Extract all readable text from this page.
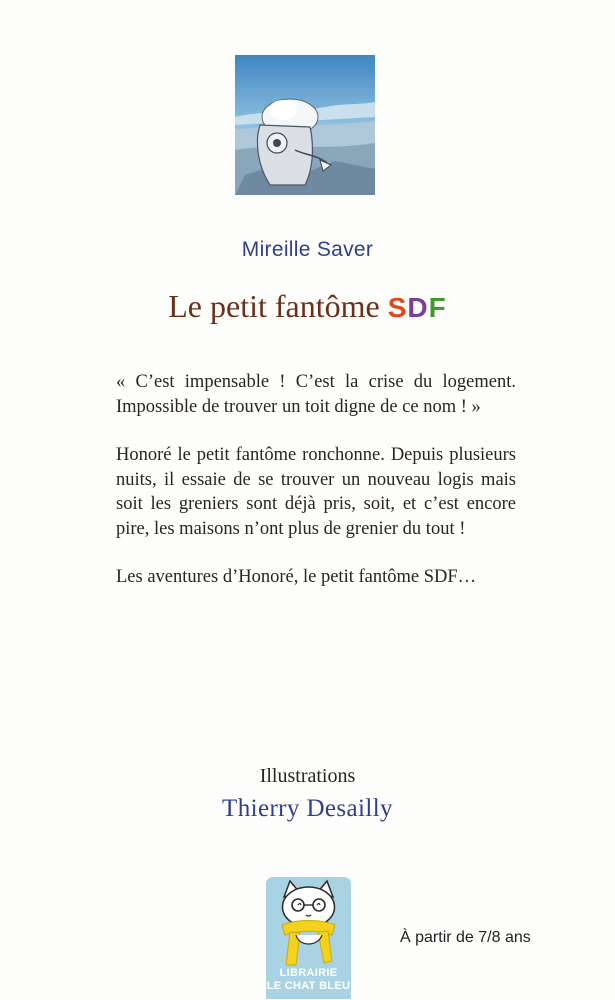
Mireille Saver
Le petit fantôme SDF

« C’est impensable ! C’est la crise du logement. Impossible de trouver un toit digne de ce nom ! »

Honoré le petit fantôme ronchonne. Depuis plusieurs nuits, il essaie de se trouver un nouveau logis mais soit les greniers sont déjà pris, soit, et c’est encore pire, les maisons n’ont plus de grenier du tout !

Les aventures d’Honoré, le petit fantôme SDF…

Illustrations
Thierry Desailly
LIBRAIRIE
LE CHAT BLEU
À partir de 7/8 ans
